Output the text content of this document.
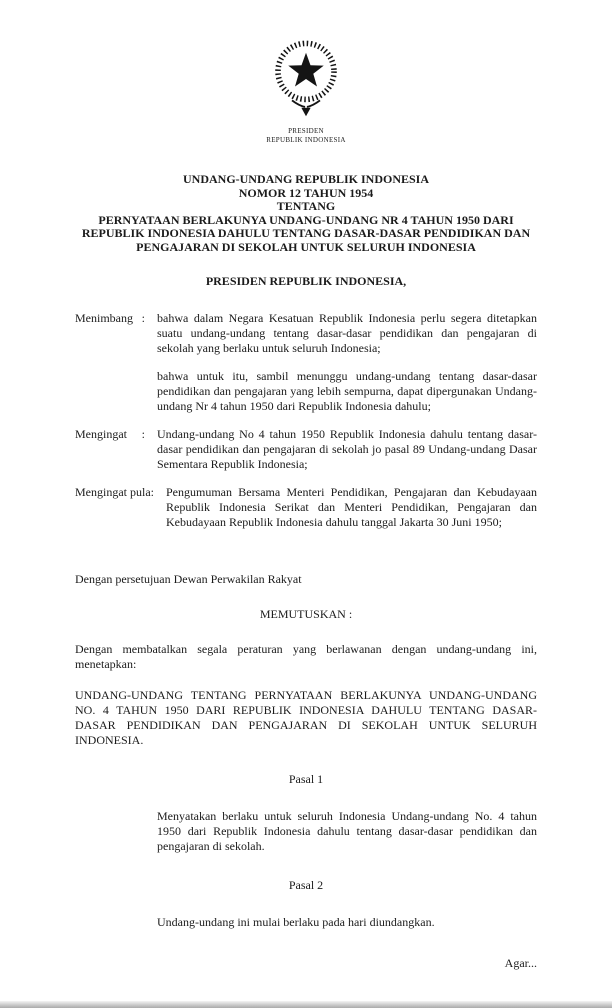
PRESIDEN
REPUBLIK INDONESIA
UNDANG-UNDANG REPUBLIK INDONESIA
NOMOR 12 TAHUN 1954
TENTANG
PERNYATAAN BERLAKUNYA UNDANG-UNDANG NR 4 TAHUN 1950 DARI REPUBLIK INDONESIA DAHULU TENTANG DASAR-DASAR PENDIDIKAN DAN PENGAJARAN DI SEKOLAH UNTUK SELURUH INDONESIA
PRESIDEN REPUBLIK INDONESIA,
Menimbang : bahwa dalam Negara Kesatuan Republik Indonesia perlu segera ditetapkan suatu undang-undang tentang dasar-dasar pendidikan dan pengajaran di sekolah yang berlaku untuk seluruh Indonesia;

bahwa untuk itu, sambil menunggu undang-undang tentang dasar-dasar pendidikan dan pengajaran yang lebih sempurna, dapat dipergunakan Undang-undang Nr 4 tahun 1950 dari Republik Indonesia dahulu;

Mengingat : Undang-undang No 4 tahun 1950 Republik Indonesia dahulu tentang dasar-dasar pendidikan dan pengajaran di sekolah jo pasal 89 Undang-undang Dasar Sementara Republik Indonesia;

Mengingat pula : Pengumuman Bersama Menteri Pendidikan, Pengajaran dan Kebudayaan Republik Indonesia Serikat dan Menteri Pendidikan, Pengajaran dan Kebudayaan Republik Indonesia dahulu tanggal Jakarta 30 Juni 1950;

Dengan persetujuan Dewan Perwakilan Rakyat
MEMUTUSKAN :
Dengan membatalkan segala peraturan yang berlawanan dengan undang-undang ini, menetapkan:
UNDANG-UNDANG TENTANG PERNYATAAN BERLAKUNYA UNDANG-UNDANG NO. 4 TAHUN 1950 DARI REPUBLIK INDONESIA DAHULU TENTANG DASAR-DASAR PENDIDIKAN DAN PENGAJARAN DI SEKOLAH UNTUK SELURUH INDONESIA.
Pasal 1
Menyatakan berlaku untuk seluruh Indonesia Undang-undang No. 4 tahun 1950 dari Republik Indonesia dahulu tentang dasar-dasar pendidikan dan pengajaran di sekolah.
Pasal 2
Undang-undang ini mulai berlaku pada hari diundangkan.
Agar...
